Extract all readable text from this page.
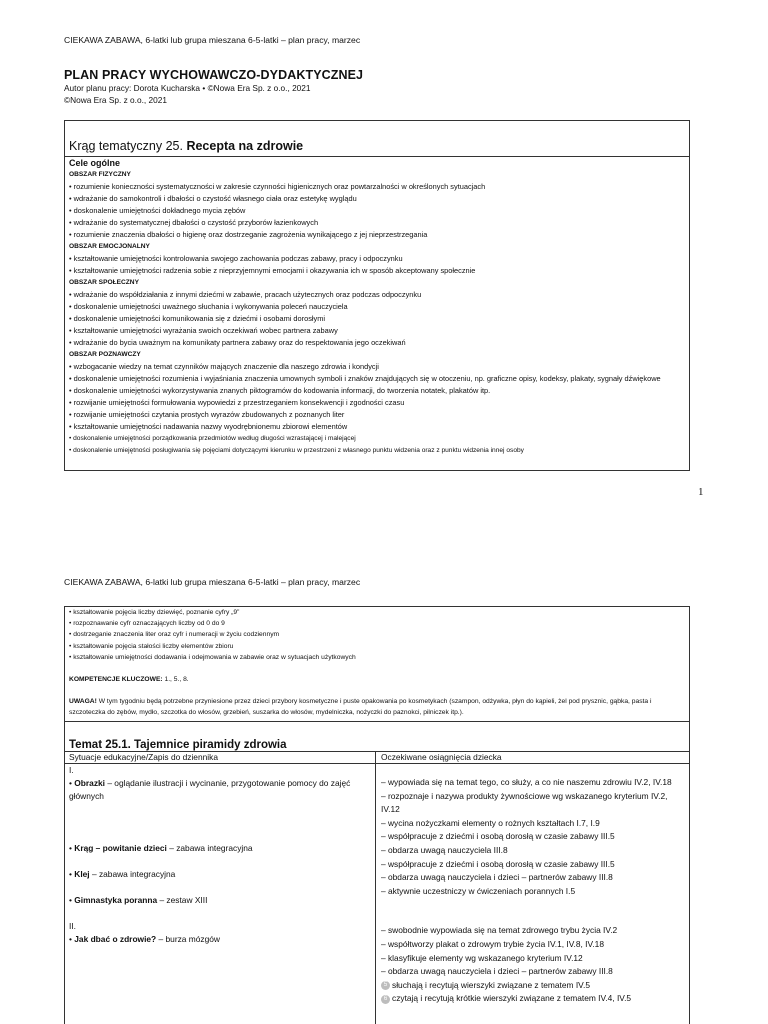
CIEKAWA ZABAWA, 6-latki lub grupa mieszana 6-5-latki – plan pracy, marzec
PLAN PRACY WYCHOWAWCZO-DYDAKTYCZNEJ
Autor planu pracy: Dorota Kucharska • ©Nowa Era Sp. z o.o., 2021
©Nowa Era Sp. z o.o., 2021
Krąg tematyczny 25. Recepta na zdrowie
Cele ogólne
OBSZAR FIZYCZNY
• rozumienie konieczności systematyczności w zakresie czynności higienicznych oraz powtarzalności w określonych sytuacjach
• wdrażanie do samokontroli i dbałości o czystość własnego ciała oraz estetykę wyglądu
• doskonalenie umiejętności dokładnego mycia zębów
• wdrażanie do systematycznej dbałości o czystość przyborów łazienkowych
• rozumienie znaczenia dbałości o higienę oraz dostrzeganie zagrożenia wynikającego z jej nieprzestrzegania
OBSZAR EMOCJONALNY
• kształtowanie umiejętności kontrolowania swojego zachowania podczas zabawy, pracy i odpoczynku
• kształtowanie umiejętności radzenia sobie z nieprzyjemnymi emocjami i okazywania ich w sposób akceptowany społecznie
OBSZAR SPOŁECZNY
• wdrażanie do współdziałania z innymi dziećmi w zabawie, pracach użytecznych oraz podczas odpoczynku
• doskonalenie umiejętności uważnego słuchania i wykonywania poleceń nauczyciela
• doskonalenie umiejętności komunikowania się z dziećmi i osobami dorosłymi
• kształtowanie umiejętności wyrażania swoich oczekiwań wobec partnera zabawy
• wdrażanie do bycia uważnym na komunikaty partnera zabawy oraz do respektowania jego oczekiwań
OBSZAR POZNAWCZY
• wzbogacanie wiedzy na temat czynników mających znaczenie dla naszego zdrowia i kondycji
• doskonalenie umiejętności rozumienia i wyjaśniania znaczenia umownych symboli i znaków znajdujących się w otoczeniu, np. graficzne opisy, kodeksy, plakaty, sygnały dźwiękowe
• doskonalenie umiejętności wykorzystywania znanych piktogramów do kodowania informacji, do tworzenia notatek, plakatów itp.
• rozwijanie umiejętności formułowania wypowiedzi z przestrzeganiem konsekwencji i zgodności czasu
• rozwijanie umiejętności czytania prostych wyrazów zbudowanych z poznanych liter
• kształtowanie umiejętności nadawania nazwy wyodrębnionemu zbiorowi elementów
• doskonalenie umiejętności porządkowania przedmiotów według długości wzrastającej i malejącej
• doskonalenie umiejętności posługiwania się pojęciami dotyczącymi kierunku w przestrzeni z własnego punktu widzenia oraz z punktu widzenia innej osoby
1
CIEKAWA ZABAWA, 6-latki lub grupa mieszana 6-5-latki – plan pracy, marzec
• kształtowanie pojęcia liczby dziewięć, poznanie cyfry „9”
• rozpoznawanie cyfr oznaczających liczby od 0 do 9
• dostrzeganie znaczenia liter oraz cyfr i numeracji w życiu codziennym
• kształtowanie pojęcia stałości liczby elementów zbioru
• kształtowanie umiejętności dodawania i odejmowania w zabawie oraz w sytuacjach użytkowych
KOMPETENCJE KLUCZOWE: 1., 5., 8.
UWAGA! W tym tygodniu będą potrzebne przyniesione przez dzieci przybory kosmetyczne i puste opakowania po kosmetykach (szampon, odżywka, płyn do kąpieli, żel pod prysznic, gąbka, pasta i szczoteczka do zębów, mydło, szczotka do włosów, grzebień, suszarka do włosów, mydelniczka, nożyczki do paznokci, pilniczek itp.).
Temat 25.1. Tajemnice piramidy zdrowia
Sytuacje edukacyjne/Zapis do dziennika	Oczekiwane osiągnięcia dziecka
I.
• Obrazki – oglądanie ilustracji i wycinanie, przygotowanie pomocy do zajęć głównych
• Krąg – powitanie dzieci – zabawa integracyjna
• Klej – zabawa integracyjna
• Gimnastyka poranna – zestaw XIII
II.
• Jak dbać o zdrowie? – burza mózgów
– wypowiada się na temat tego, co służy, a co nie naszemu zdrowiu IV.2, IV.18
– rozpoznaje i nazywa produkty żywnościowe wg wskazanego kryterium IV.2, IV.12
– wycina nożyczkami elementy o rożnych kształtach I.7, I.9
– współpracuje z dziećmi i osobą dorosłą w czasie zabawy III.5
– obdarza uwagą nauczyciela III.8
– współpracuje z dziećmi i osobą dorosłą w czasie zabawy III.5
– obdarza uwagą nauczyciela i dzieci – partnerów zabawy III.8
– aktywnie uczestniczy w ćwiczeniach porannych I.5
– swobodnie wypowiada się na temat zdrowego trybu życia IV.2
– współtworzy plakat o zdrowym trybie życia IV.1, IV.8, IV.18
– klasyfikuje elementy wg wskazanego kryterium IV.12
– obdarza uwagą nauczyciela i dzieci – partnerów zabawy III.8
5 słuchają i recytują wierszyki związane z tematem IV.5
6 czytają i recytują krótkie wierszyki związane z tematem IV.4, IV.5
